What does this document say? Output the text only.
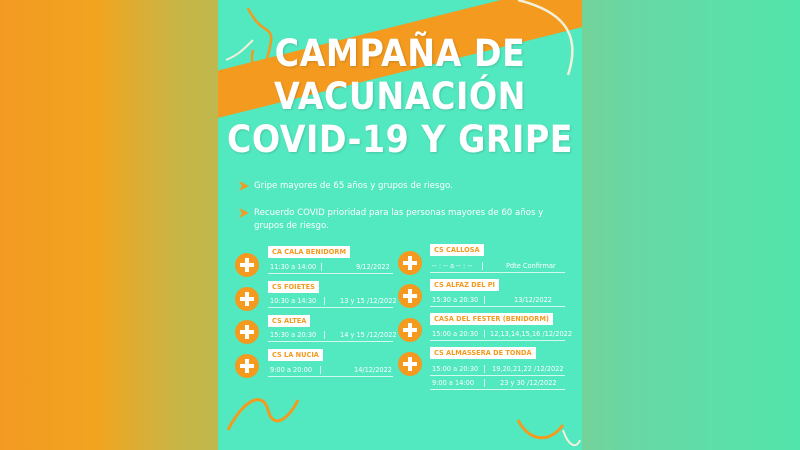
CAMPAÑA DE
VACUNACIÓN
COVID-19 Y GRIPE
Gripe mayores de 65 años y grupos de riesgo.
Recuerdo COVID prioridad para las personas mayores de 60 años y grupos de riesgo.
CA CALA BENIDORM
11:30 a 14:00	9/12/2022
CS FOIETES
10:30 a 14:30	13 y 15 /12/2022
CS ALTEA
15:30 a 20:30	14 y 15 /12/2022
CS LA NUCIA
9:00 a 20:00	14/12/2022
CS CALLOSA
-- : -- a -- : --	Pdte Confirmar
CS ALFAZ DEL PI
15:30 a 20:30	13/12/2022
CASA DEL FESTER (BENIDORM)
15:00 a 20:30 12,13,14,15,16 /12/2022
CS ALMASSERA DE TONDA
15:00 a 20:30 19,20,21,22 /12/2022
9:00 a 14:00	23 y 30 /12/2022
